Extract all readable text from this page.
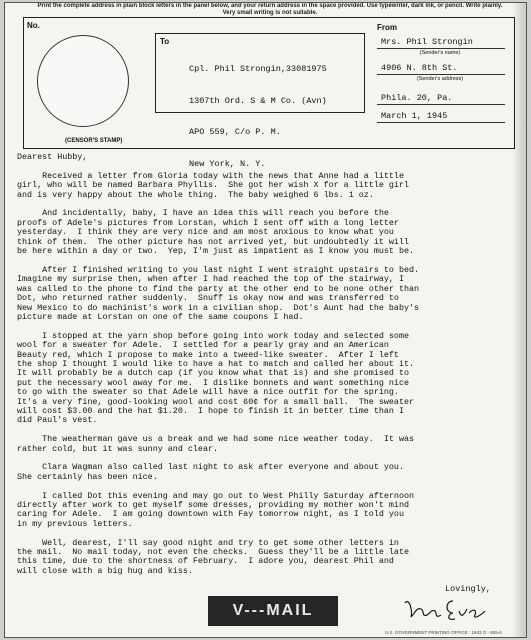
Print the complete address in plain block letters in the panel below, and your return address in the space provided. Use typewriter, dark ink, or pencil. Write plainly. Very small writing is not suitable.
No.
(CENSOR'S STAMP)
To

Cpl. Phil Strongin,33081975

1307th Ord. S & M Co. (Avn)

APO 559, C/o P. M.

New York, N. Y.

From
Mrs. Phil Strongin
(Sender's name)
4906 N. 8th St.
(Sender's address)
Phila. 20, Pa.
March 1, 1945

Dearest Hubby,

Received a letter from Gloria today with the news that Anne had a little

girl, who will be named Barbara Phyllis.  She got her wish X for a little girl

and is very happy about the whole thing.  The baby weighed 6 lbs. 1 oz.

And incidentally, baby, I have an idea this will reach you before the

proofs of Adele's pictures from Lorstan, which I sent off with a long letter

yesterday.  I think they are very nice and am most anxious to know what you

think of them.  The other picture has not arrived yet, but undoubtedly it will

be here within a day or two.  Yep, I'm just as impatient as I know you must be.

After I finished writing to you last night I went straight upstairs to bed.

Imagine my surprise then, when after I had reached the top of the stairway, I

was called to the phone to find the party at the other end to be none other than

Dot, who returned rather suddenly.  Snuff is okay now and was transferred to

New Mexico to do machinist's work in a civilian shop.  Dot's Aunt had the baby's

picture made at Lorstan on one of the same coupons I had.

I stopped at the yarn shop before going into work today and selected some

wool for a sweater for Adele.  I settled for a pearly gray and an American

Beauty red, which I propose to make into a tweed-like sweater.  After I left

the shop I thought I would like to have a hat to match and called her about it.

It will probably be a dutch cap (if you know what that is) and she promised to

put the necessary wool away for me.  I dislike bonnets and want something nice

to go with the sweater so that Adele will have a nice outfit for the spring.

It's a very fine, good-looking wool and cost 60¢ for a small ball.  The sweater

will cost $3.00 and the hat $1.20.  I hope to finish it in better time than I

did Paul's vest.

The weatherman gave us a break and we had some nice weather today.  It was

rather cold, but it was sunny and clear.

Clara Wagman also called last night to ask after everyone and about you.

She certainly has been nice.

I called Dot this evening and may go out to West Philly Saturday afternoon

directly after work to get myself some dresses, providing my mother won't mind

caring for Adele.  I am going downtown with Fay tomorrow night, as I told you

in my previous letters.

Well, dearest, I'll say good night and try to get some other letters in

the mail.  No mail today, not even the checks.  Guess they'll be a little late

this time, due to the shortness of February.  I adore you, dearest Phil and

will close with a big hug and kiss.

Lovingly,
V---MAIL
U.S. GOVERNMENT PRINTING OFFICE : 1943 O - 555-6
